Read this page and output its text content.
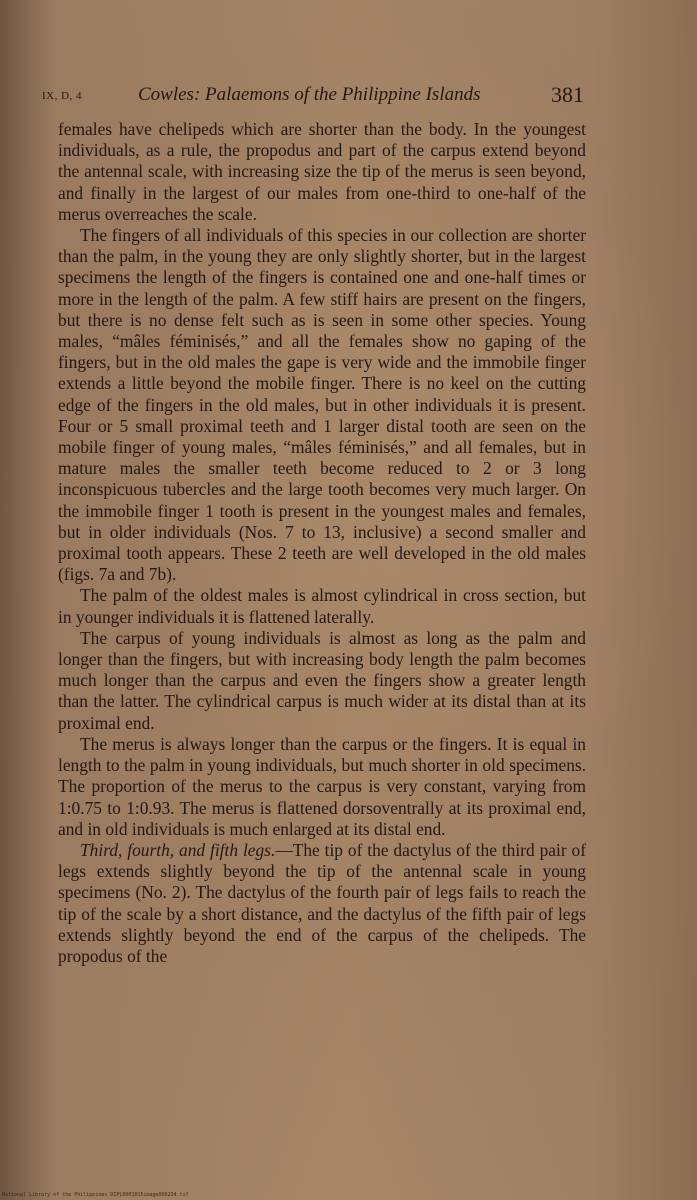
IX, D, 4	Cowles: Palaemons of the Philippine Islands	381

females have chelipeds which are shorter than the body. In the youngest individuals, as a rule, the propodus and part of the carpus extend beyond the antennal scale, with increasing size the tip of the merus is seen beyond, and finally in the largest of our males from one-third to one-half of the merus overreaches the scale.

The fingers of all individuals of this species in our collection are shorter than the palm, in the young they are only slightly shorter, but in the largest specimens the length of the fingers is contained one and one-half times or more in the length of the palm. A few stiff hairs are present on the fingers, but there is no dense felt such as is seen in some other species. Young males, “mâles féminisés,” and all the females show no gaping of the fingers, but in the old males the gape is very wide and the immobile finger extends a little beyond the mobile finger. There is no keel on the cutting edge of the fingers in the old males, but in other individuals it is present. Four or 5 small proximal teeth and 1 larger distal tooth are seen on the mobile finger of young males, “mâles féminisés,” and all females, but in mature males the smaller teeth become reduced to 2 or 3 long inconspicuous tubercles and the large tooth becomes very much larger. On the immobile finger 1 tooth is present in the youngest males and females, but in older individuals (Nos. 7 to 13, inclusive) a second smaller and proximal tooth appears. These 2 teeth are well developed in the old males (figs. 7a and 7b).

The palm of the oldest males is almost cylindrical in cross section, but in younger individuals it is flattened laterally.

The carpus of young individuals is almost as long as the palm and longer than the fingers, but with increasing body length the palm becomes much longer than the carpus and even the fingers show a greater length than the latter. The cylindrical carpus is much wider at its distal than at its proximal end.

The merus is always longer than the carpus or the fingers. It is equal in length to the palm in young individuals, but much shorter in old specimens. The proportion of the merus to the carpus is very constant, varying from 1:0.75 to 1:0.93. The merus is flattened dorsoventrally at its proximal end, and in old individuals is much enlarged at its distal end.

Third, fourth, and fifth legs.—The tip of the dactylus of the third pair of legs extends slightly beyond the tip of the antennal scale in young specimens (No. 2). The dactylus of the fourth pair of legs fails to reach the tip of the scale by a short distance, and the dactylus of the fifth pair of legs extends slightly beyond the end of the carpus of the chelipeds. The propodus of the

National Library of the Philippines DIPL0001015image000234.tif
